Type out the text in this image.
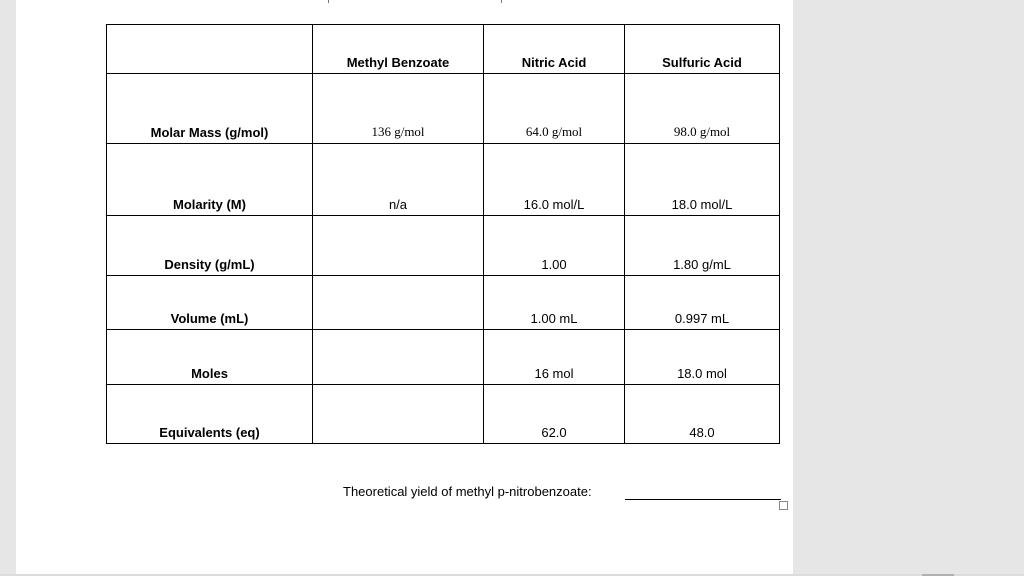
	Methyl Benzoate	Nitric Acid	Sulfuric Acid
Molar Mass (g/mol)	136 g/mol	64.0 g/mol	98.0 g/mol
Molarity (M)	n/a	16.0 mol/L	18.0 mol/L
Density (g/mL)		1.00	1.80 g/mL
Volume (mL)		1.00 mL	0.997 mL
Moles		16 mol	18.0 mol
Equivalents (eq)		62.0	48.0
Theoretical yield of methyl p-nitrobenzoate:
